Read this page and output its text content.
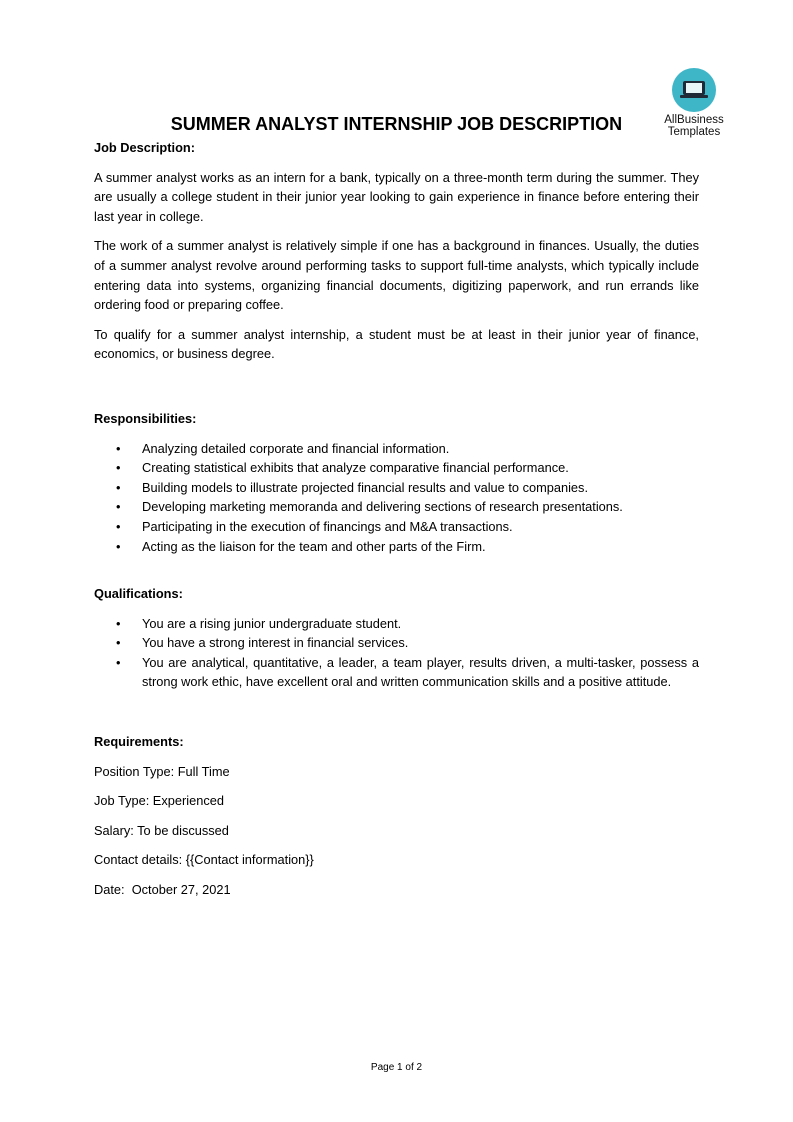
AllBusiness
Templates
SUMMER ANALYST INTERNSHIP JOB DESCRIPTION
Job Description:

A summer analyst works as an intern for a bank, typically on a three-month term during the summer. They are usually a college student in their junior year looking to gain experience in finance before entering their last year in college.

The work of a summer analyst is relatively simple if one has a background in finances. Usually, the duties of a summer analyst revolve around performing tasks to support full-time analysts, which typically include entering data into systems, organizing financial documents, digitizing paperwork, and run errands like ordering food or preparing coffee.

To qualify for a summer analyst internship, a student must be at least in their junior year of finance, economics, or business degree.

Responsibilities:
• Analyzing detailed corporate and financial information.
• Creating statistical exhibits that analyze comparative financial performance.
• Building models to illustrate projected financial results and value to companies.
• Developing marketing memoranda and delivering sections of research presentations.
• Participating in the execution of financings and M&A transactions.
• Acting as the liaison for the team and other parts of the Firm.
Qualifications:
• You are a rising junior undergraduate student.
• You have a strong interest in financial services.
• You are analytical, quantitative, a leader, a team player, results driven, a multi-tasker, possess a strong work ethic, have excellent oral and written communication skills and a positive attitude.
Requirements:
Position Type: Full Time
Job Type: Experienced
Salary: To be discussed
Contact details: {{Contact information}}
Date:  October 27, 2021
Page 1 of 2
